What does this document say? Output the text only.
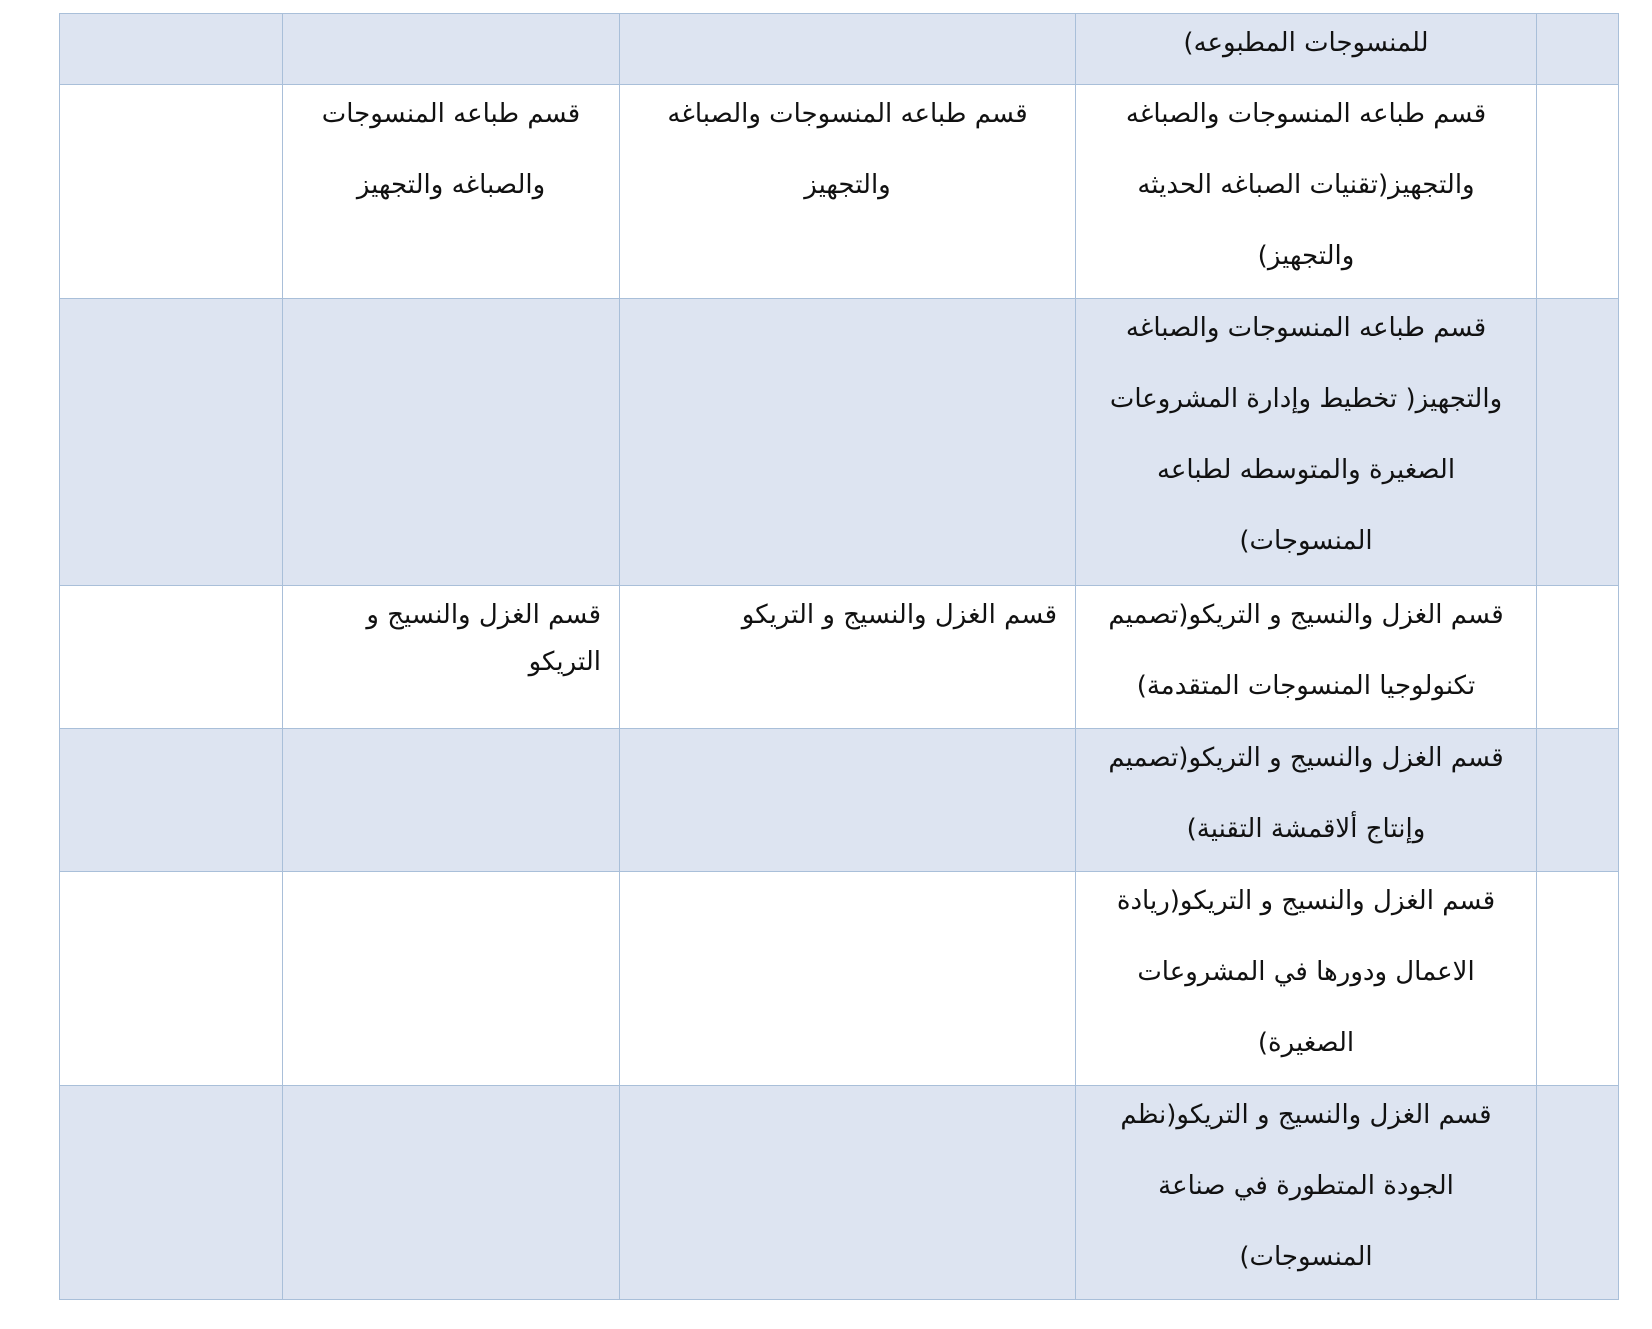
	للمنسوجات المطبوعه)			

	قسم طباعه المنسوجات والصباغه
والتجهيز(تقنيات الصباغه الحديثه
والتجهيز)	قسم طباعه المنسوجات والصباغه
والتجهيز	قسم طباعه المنسوجات
والصباغه والتجهيز	

	قسم طباعه المنسوجات والصباغه
والتجهيز( تخطيط وإدارة المشروعات
الصغيرة والمتوسطه لطباعه
المنسوجات)			

	قسم الغزل والنسيج و التريكو(تصميم
تكنولوجيا المنسوجات المتقدمة)	قسم الغزل والنسيج و التريكو	قسم الغزل والنسيج و
التريكو	

	قسم الغزل والنسيج و التريكو(تصميم
وإنتاج ألاقمشة التقنية)			

	قسم الغزل والنسيج و التريكو(ريادة
الاعمال ودورها في المشروعات
الصغيرة)			

	قسم الغزل والنسيج و التريكو(نظم
الجودة المتطورة في صناعة
المنسوجات)			
